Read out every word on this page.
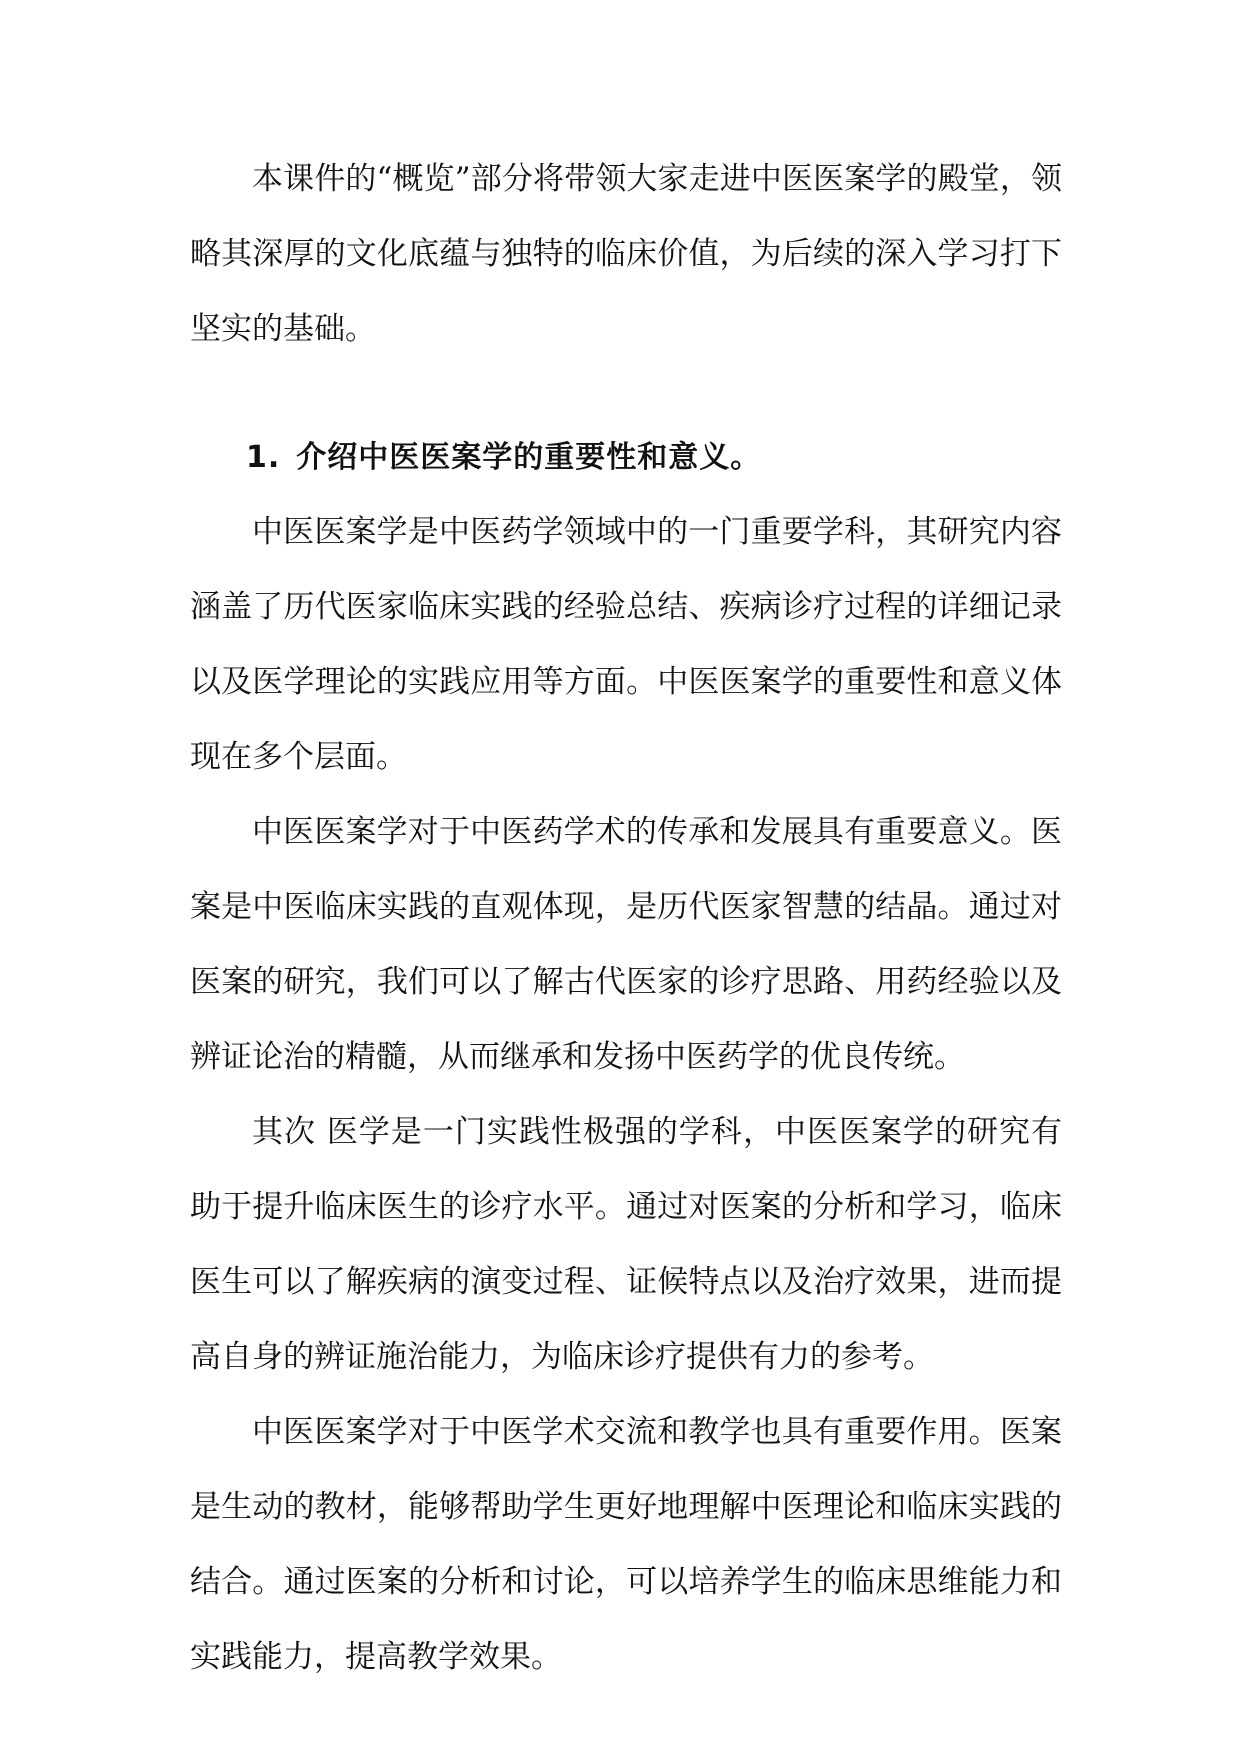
本课件的“概览”部分将带领大家走进中医医案学的殿堂，领略其深厚的文化底蕴与独特的临床价值，为后续的深入学习打下坚实的基础。

1. 介绍中医医案学的重要性和意义。

中医医案学是中医药学领域中的一门重要学科，其研究内容涵盖了历代医家临床实践的经验总结、疾病诊疗过程的详细记录以及医学理论的实践应用等方面。中医医案学的重要性和意义体现在多个层面。

中医医案学对于中医药学术的传承和发展具有重要意义。医案是中医临床实践的直观体现，是历代医家智慧的结晶。通过对医案的研究，我们可以了解古代医家的诊疗思路、用药经验以及辨证论治的精髓，从而继承和发扬中医药学的优良传统。

其次 医学是一门实践性极强的学科，中医医案学的研究有助于提升临床医生的诊疗水平。通过对医案的分析和学习，临床医生可以了解疾病的演变过程、证候特点以及治疗效果，进而提高自身的辨证施治能力，为临床诊疗提供有力的参考。

中医医案学对于中医学术交流和教学也具有重要作用。医案是生动的教材，能够帮助学生更好地理解中医理论和临床实践的结合。通过医案的分析和讨论，可以培养学生的临床思维能力和实践能力，提高教学效果。
